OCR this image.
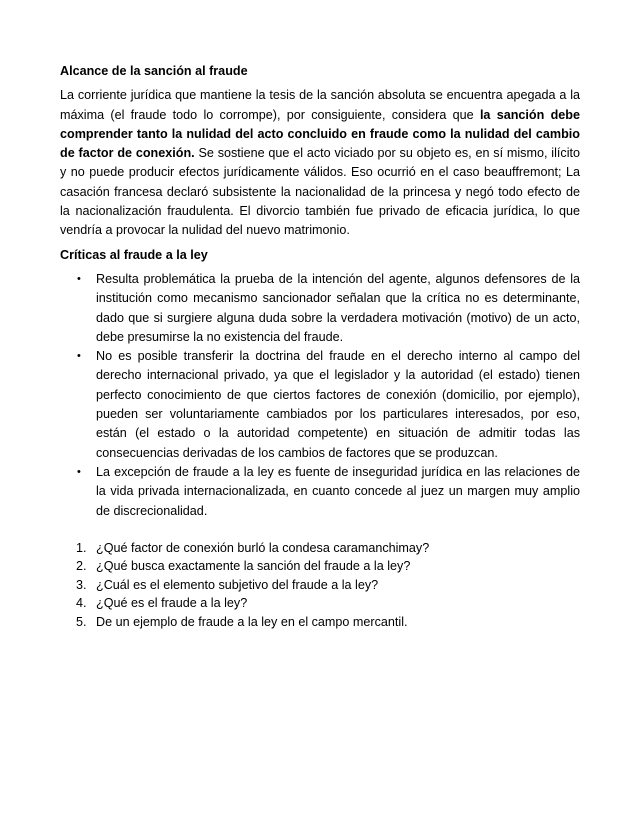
Alcance de la sanción al fraude

La corriente jurídica que mantiene la tesis de la sanción absoluta se encuentra apegada a la máxima (el fraude todo lo corrompe), por consiguiente, considera que la sanción debe comprender tanto la nulidad del acto concluido en fraude como la nulidad del cambio de factor de conexión. Se sostiene que el acto viciado por su objeto es, en sí mismo, ilícito y no puede producir efectos jurídicamente válidos. Eso ocurrió en el caso beauffremont; La casación francesa declaró subsistente la nacionalidad de la princesa y negó todo efecto de la nacionalización fraudulenta. El divorcio también fue privado de eficacia jurídica, lo que vendría a provocar la nulidad del nuevo matrimonio.

Críticas al fraude a la ley
• Resulta problemática la prueba de la intención del agente, algunos defensores de la institución como mecanismo sancionador señalan que la crítica no es determinante, dado que si surgiere alguna duda sobre la verdadera motivación (motivo) de un acto, debe presumirse la no existencia del fraude.
• No es posible transferir la doctrina del fraude en el derecho interno al campo del derecho internacional privado, ya que el legislador y la autoridad (el estado) tienen perfecto conocimiento de que ciertos factores de conexión (domicilio, por ejemplo), pueden ser voluntariamente cambiados por los particulares interesados, por eso, están (el estado o la autoridad competente) en situación de admitir todas las consecuencias derivadas de los cambios de factores que se produzcan.
• La excepción de fraude a la ley es fuente de inseguridad jurídica en las relaciones de la vida privada internacionalizada, en cuanto concede al juez un margen muy amplio de discrecionalidad.
1. ¿Qué factor de conexión burló la condesa caramanchimay?
2. ¿Qué busca exactamente la sanción del fraude a la ley?
3. ¿Cuál es el elemento subjetivo del fraude a la ley?
4. ¿Qué es el fraude a la ley?
5. De un ejemplo de fraude a la ley en el campo mercantil.
